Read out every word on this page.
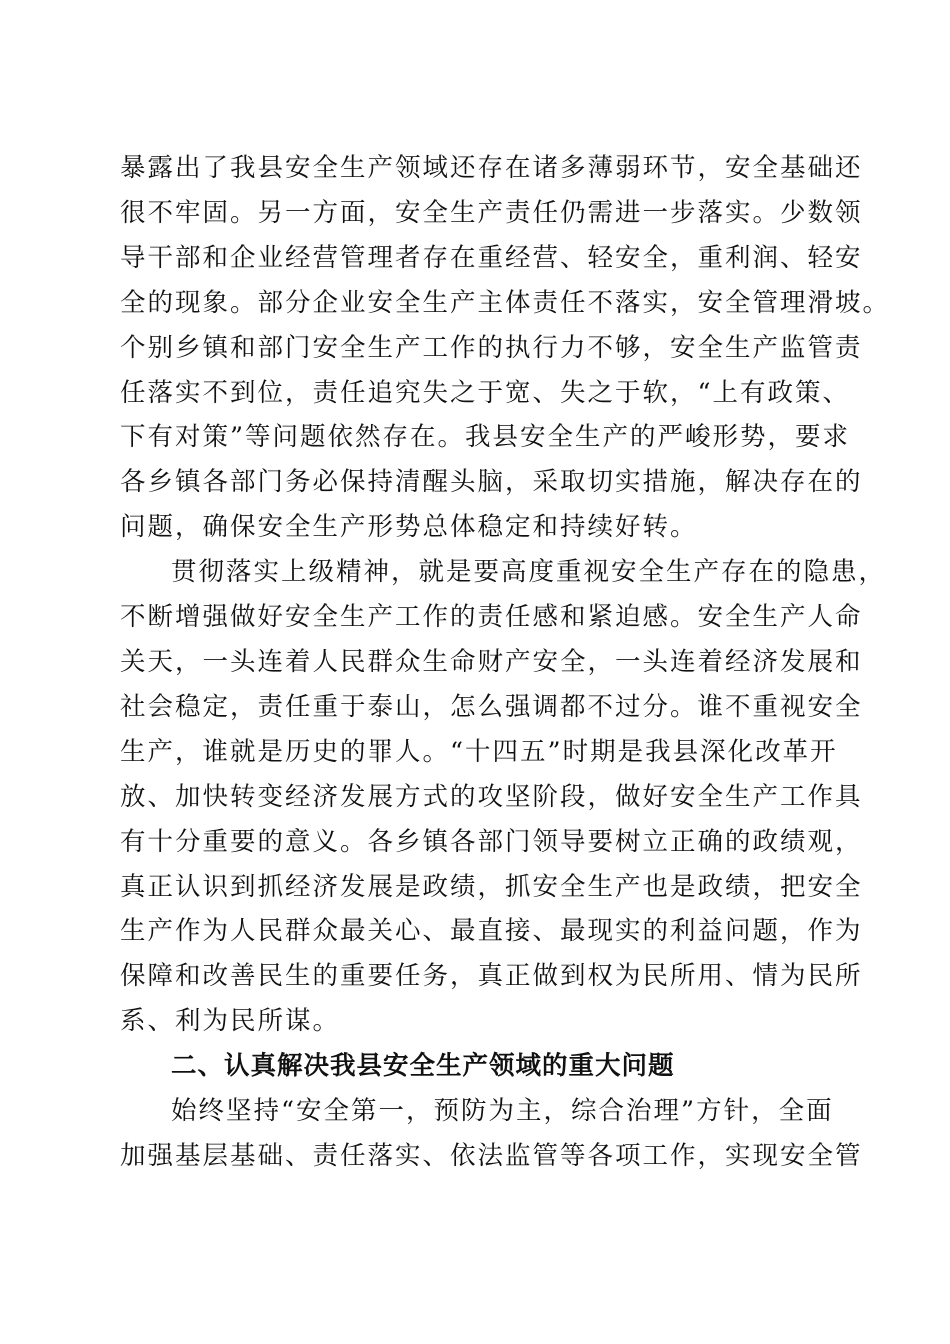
暴露出了我县安全生产领域还存在诸多薄弱环节，安全基础还
很不牢固。另一方面，安全生产责任仍需进一步落实。少数领
导干部和企业经营管理者存在重经营、轻安全，重利润、轻安
全的现象。部分企业安全生产主体责任不落实，安全管理滑坡。
个别乡镇和部门安全生产工作的执行力不够，安全生产监管责
任落实不到位，责任追究失之于宽、失之于软，“上有政策、
下有对策”等问题依然存在。我县安全生产的严峻形势，要求
各乡镇各部门务必保持清醒头脑，采取切实措施，解决存在的
问题，确保安全生产形势总体稳定和持续好转。
贯彻落实上级精神，就是要高度重视安全生产存在的隐患，
不断增强做好安全生产工作的责任感和紧迫感。安全生产人命
关天，一头连着人民群众生命财产安全，一头连着经济发展和
社会稳定，责任重于泰山，怎么强调都不过分。谁不重视安全
生产，谁就是历史的罪人。“十四五”时期是我县深化改革开
放、加快转变经济发展方式的攻坚阶段，做好安全生产工作具
有十分重要的意义。各乡镇各部门领导要树立正确的政绩观，
真正认识到抓经济发展是政绩，抓安全生产也是政绩，把安全
生产作为人民群众最关心、最直接、最现实的利益问题，作为
保障和改善民生的重要任务，真正做到权为民所用、情为民所
系、利为民所谋。
二、认真解决我县安全生产领域的重大问题
始终坚持“安全第一，预防为主，综合治理”方针，全面
加强基层基础、责任落实、依法监管等各项工作，实现安全管
